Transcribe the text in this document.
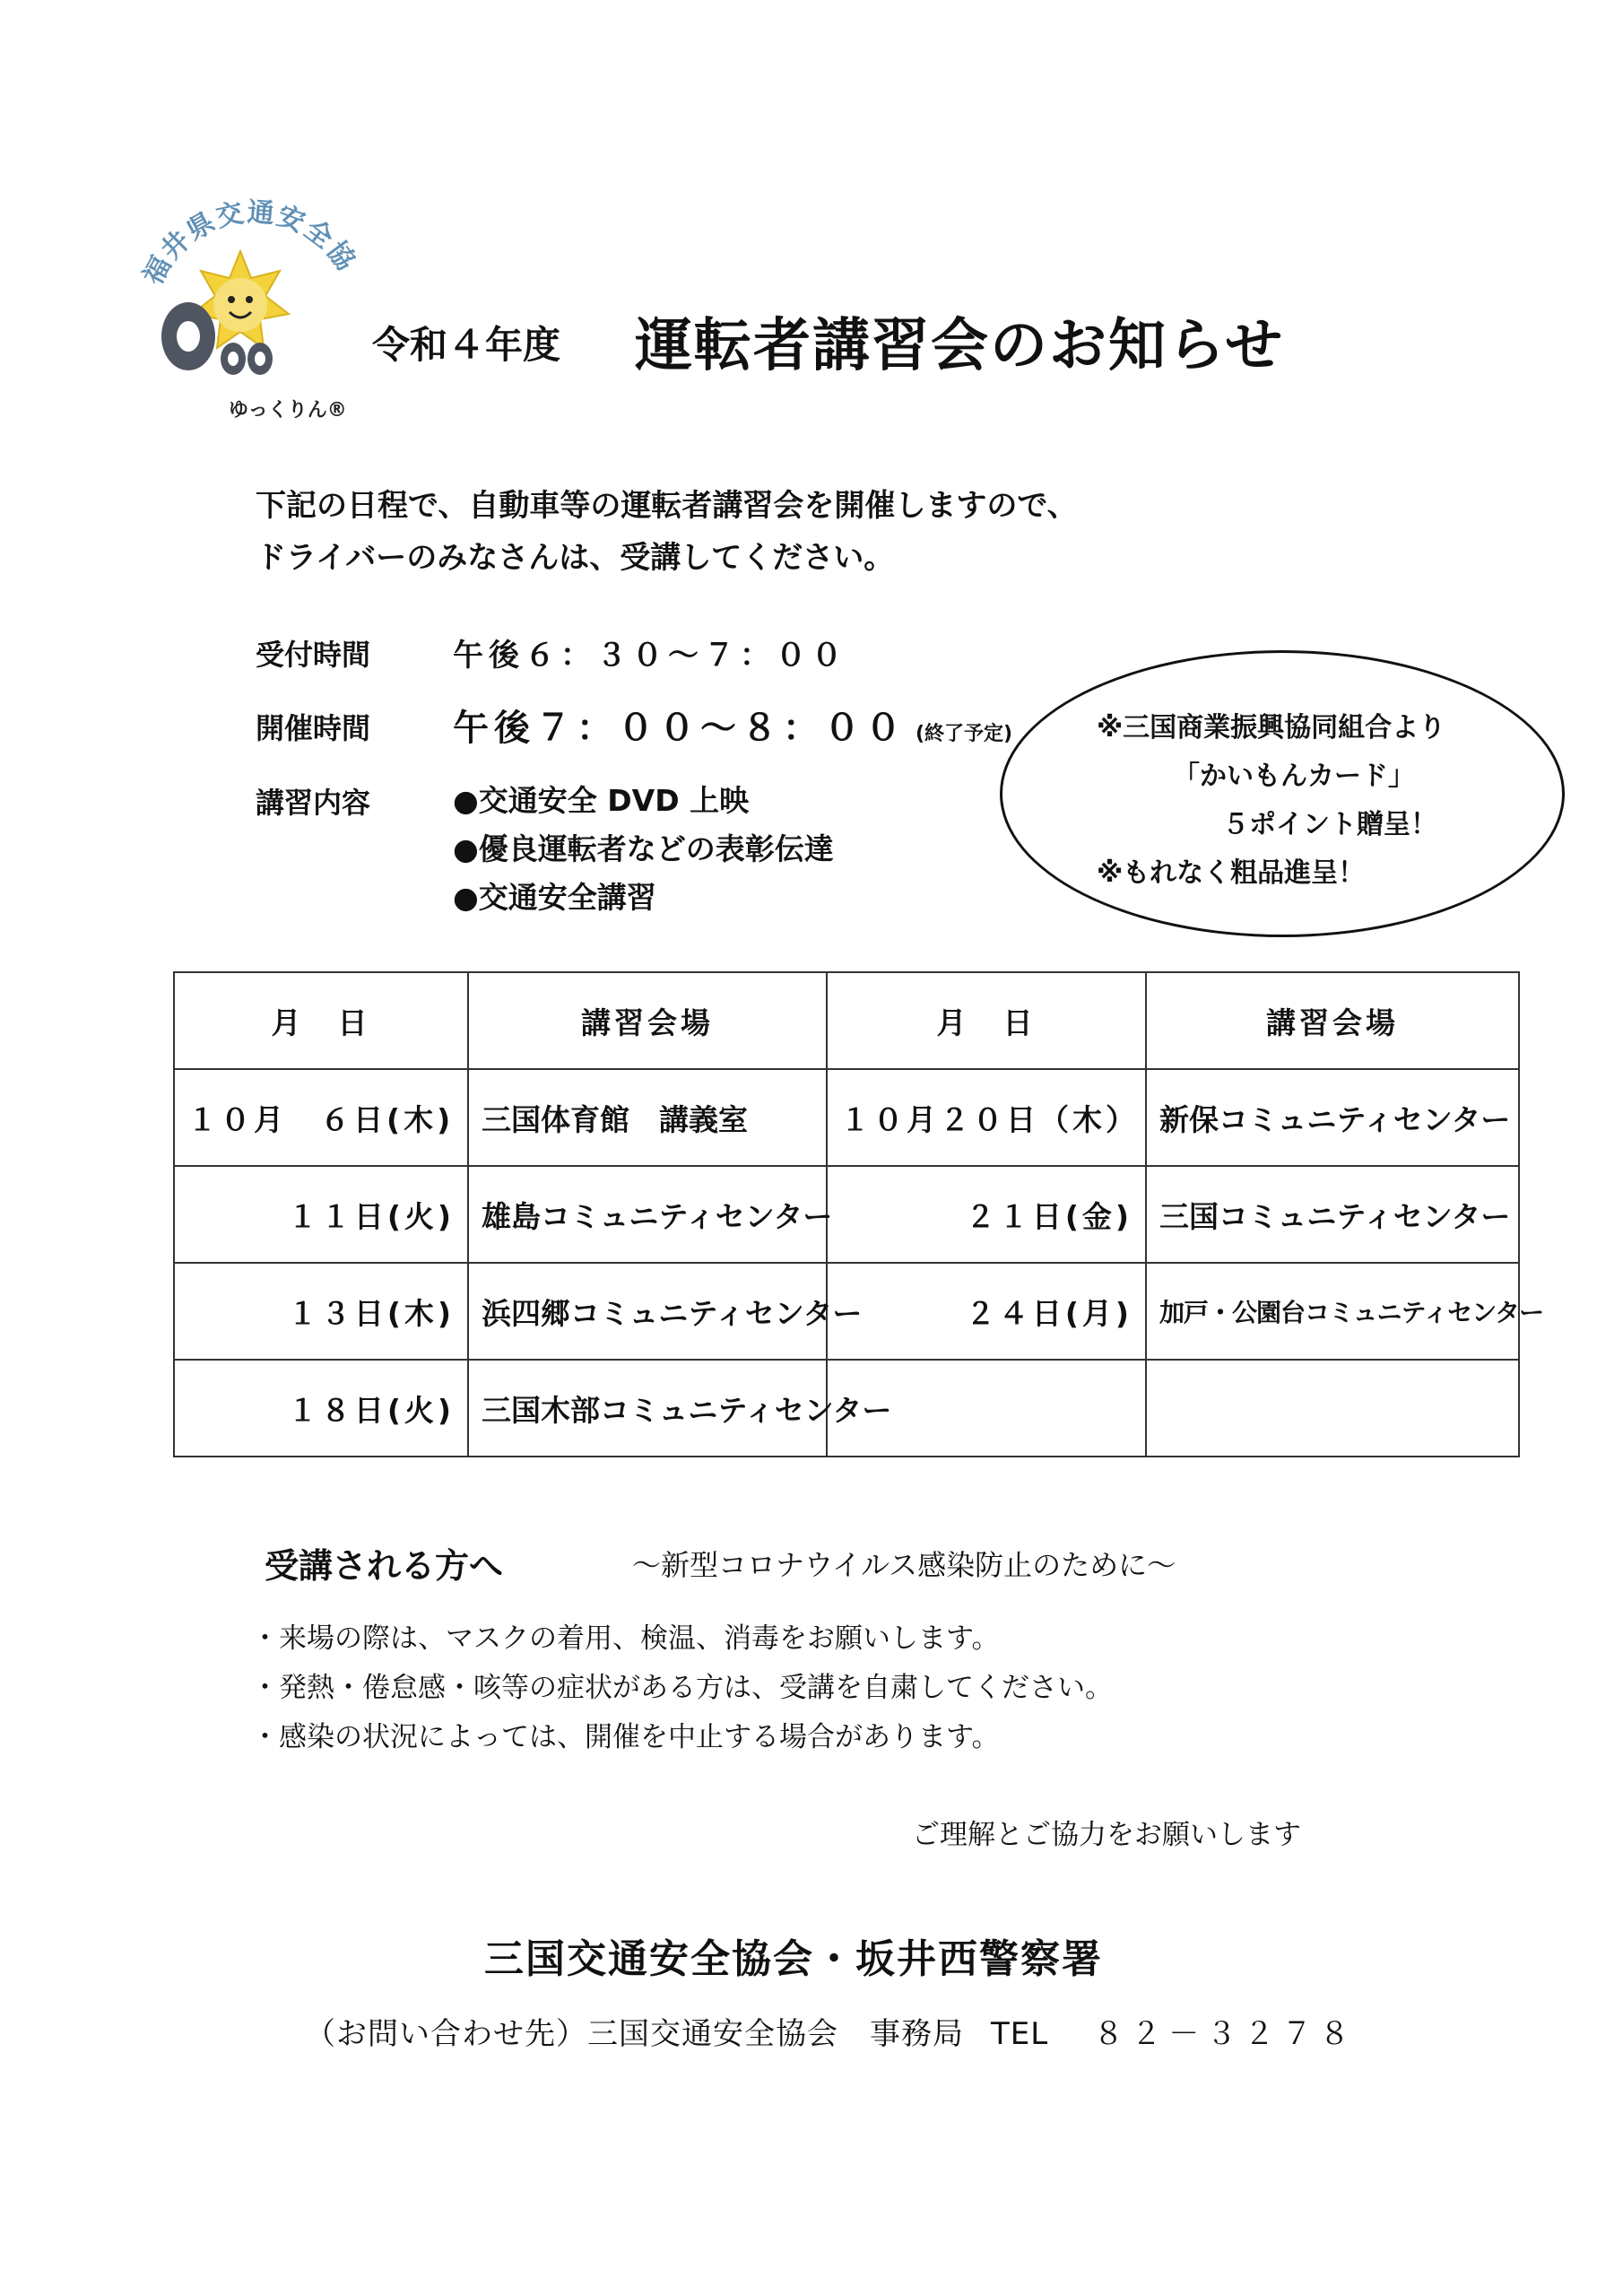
福井県交通安全協
ゆっくりん®
令和４年度 運転者講習会のお知らせ
下記の日程で、自動車等の運転者講習会を開催しますので、
ドライバーのみなさんは、受講してください。
受付時間	午後６：３０～７：００
開催時間 午後７：００～８：００ (終了予定)
講習内容	●交通安全 DVD 上映
●優良運転者などの表彰伝達
●交通安全講習
※三国商業振興協同組合より
「かいもんカード」
５ポイント贈呈！
※もれなく粗品進呈！
月　日	講習会場	月　日	講習会場
１０月　６日(木)	三国体育館　講義室	１０月２０日（木）	新保コミュニティセンター
１１日(火)	雄島コミュニティセンター	２１日(金)	三国コミュニティセンター
１３日(木)	浜四郷コミュニティセンター	２４日(月)	加戸・公園台コミュニティセンター
１８日(火)	三国木部コミュニティセンター		
受講される方へ	～新型コロナウイルス感染防止のために～
・来場の際は、マスクの着用、検温、消毒をお願いします。
・発熱・倦怠感・咳等の症状がある方は、受講を自粛してください。
・感染の状況によっては、開催を中止する場合があります。
ご理解とご協力をお願いします
三国交通安全協会・坂井西警察署
（お問い合わせ先）三国交通安全協会　事務局 TEL ８２－３２７８
